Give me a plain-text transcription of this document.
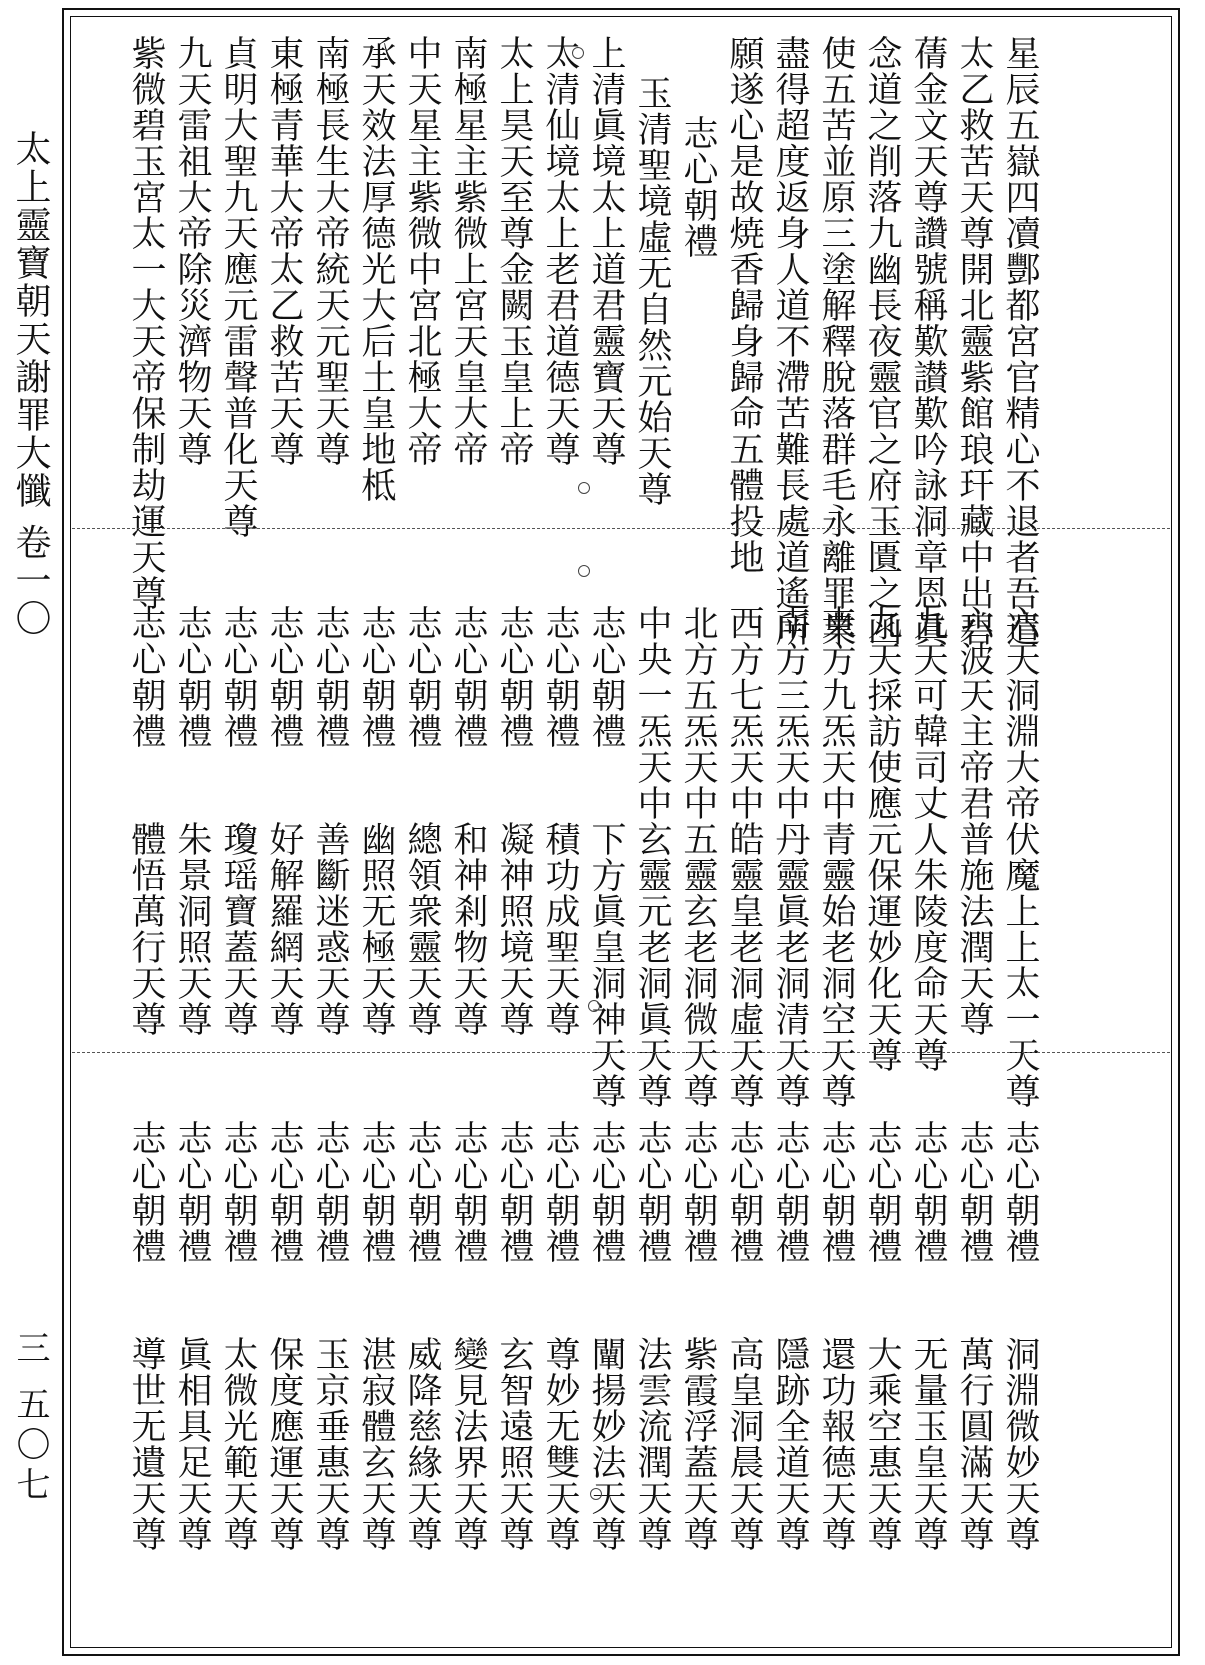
太上靈寶朝天謝罪大懺 卷一〇
三 五〇七
星辰五嶽四凟酆都宮官精心不退者吾遣
太乙救苦天尊開北靈紫館琅玕藏中出碧
蒨金文天尊讚號稱歎讃歎吟詠洞章恩眞
念道之削落九幽長夜靈官之府玉匱之函
使五苦並原三塗解釋脫落群毛永離罪業
盡得超度返身人道不滯苦難長處道遙所
願遂心是故焼香歸身歸命五體投地
志心朝禮
玉清聖境虛无自然元始天尊
上清眞境太上道君靈寶天尊
太清仙境太上老君道德天尊
太上昊天至尊金闕玉皇上帝
南極星主紫微上宮天皇大帝
中天星主紫微中宮北極大帝
承天效法厚德光大后土皇地柢
南極長生大帝統天元聖天尊
東極青華大帝太乙救苦天尊
貞明大聖九天應元雷聲普化天尊
九天雷祖大帝除災濟物天尊
紫微碧玉宮太一大天帝保制劫運天尊
六天洞淵大帝伏魔上上太一天尊
六波天主帝君普施法潤天尊
九天可韓司丈人朱陵度命天尊
九天採訪使應元保運妙化天尊
東方九炁天中青靈始老洞空天尊
南方三炁天中丹靈眞老洞清天尊
西方七炁天中皓靈皇老洞虛天尊
北方五炁天中五靈玄老洞微天尊
中央一炁天中玄靈元老洞眞天尊
志心朝禮　　下方眞皇洞神天尊
志心朝禮　　積功成聖天尊
志心朝禮　　凝神照境天尊
志心朝禮　　和神剎物天尊
志心朝禮　　總領衆靈天尊
志心朝禮　　幽照无極天尊
志心朝禮　　善斷迷惑天尊
志心朝禮　　好解羅網天尊
志心朝禮　　瓊瑶寶蓋天尊
志心朝禮　　朱景洞照天尊
志心朝禮　　體悟萬行天尊
志心朝禮　　洞淵微妙天尊
志心朝禮　　萬行圓滿天尊
志心朝禮　　无量玉皇天尊
志心朝禮　　大乘空惠天尊
志心朝禮　　還功報德天尊
志心朝禮　　隱跡全道天尊
志心朝禮　　高皇洞晨天尊
志心朝禮　　紫霞浮蓋天尊
志心朝禮　　法雲流潤天尊
志心朝禮　　闡揚妙法天尊
志心朝禮　　尊妙无雙天尊
志心朝禮　　玄智遠照天尊
志心朝禮　　變見法界天尊
志心朝禮　　威降慈緣天尊
志心朝禮　　湛寂體玄天尊
志心朝禮　　玉京垂惠天尊
志心朝禮　　保度應運天尊
志心朝禮　　太微光範天尊
志心朝禮　　眞相具足天尊
志心朝禮　　導世无遺天尊
